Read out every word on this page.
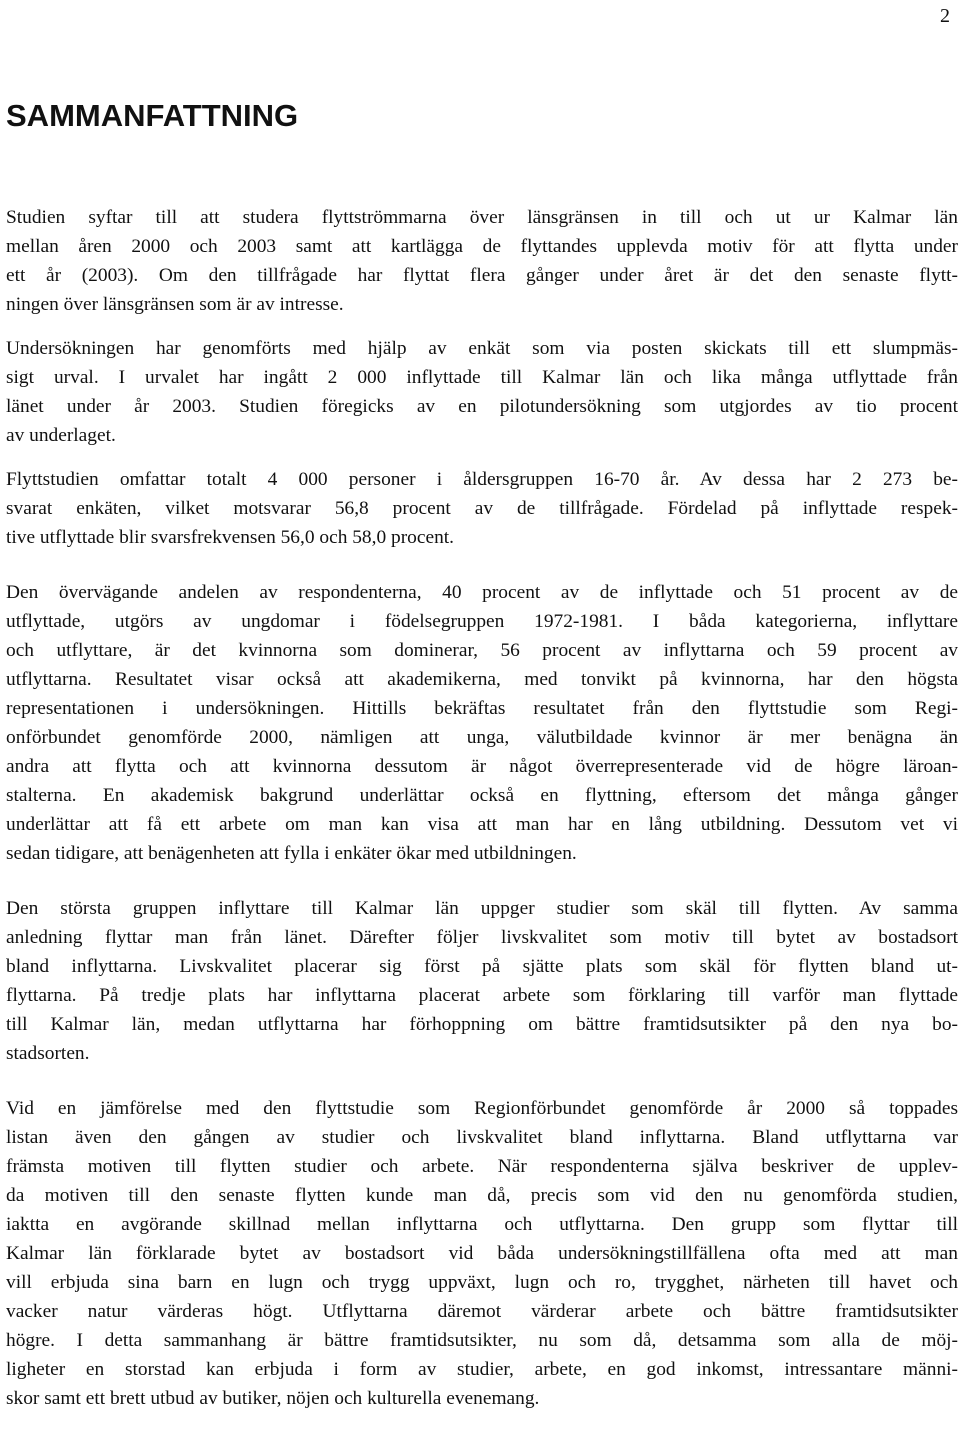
2
SAMMANFATTNING
Studien syftar till att studera flyttströmmarna över länsgränsen in till och ut ur Kalmar län
mellan åren 2000 och 2003 samt att kartlägga de flyttandes upplevda motiv för att flytta under
ett år (2003). Om den tillfrågade har flyttat flera gånger under året är det den senaste flytt-
ningen över länsgränsen som är av intresse.
Undersökningen har genomförts med hjälp av enkät som via posten skickats till ett slumpmäs-
sigt urval. I urvalet har ingått 2 000 inflyttade till Kalmar län och lika många utflyttade från
länet under år 2003. Studien föregicks av en pilotundersökning som utgjordes av tio procent
av underlaget.
Flyttstudien omfattar totalt 4 000 personer i åldersgruppen 16-70 år. Av dessa har 2 273 be-
svarat enkäten, vilket motsvarar 56,8 procent av de tillfrågade. Fördelad på inflyttade respek-
tive utflyttade blir svarsfrekvensen 56,0 och 58,0 procent.
Den övervägande andelen av respondenterna, 40 procent av de inflyttade och 51 procent av de
utflyttade, utgörs av ungdomar i födelsegruppen 1972-1981. I båda kategorierna, inflyttare
och utflyttare, är det kvinnorna som dominerar, 56 procent av inflyttarna och 59 procent av
utflyttarna. Resultatet visar också att akademikerna, med tonvikt på kvinnorna, har den högsta
representationen i undersökningen. Hittills bekräftas resultatet från den flyttstudie som Regi-
onförbundet genomförde 2000, nämligen att unga, välutbildade kvinnor är mer benägna än
andra att flytta och att kvinnorna dessutom är något överrepresenterade vid de högre läroan-
stalterna. En akademisk bakgrund underlättar också en flyttning, eftersom det många gånger
underlättar att få ett arbete om man kan visa att man har en lång utbildning. Dessutom vet vi
sedan tidigare, att benägenheten att fylla i enkäter ökar med utbildningen.
Den största gruppen inflyttare till Kalmar län uppger studier som skäl till flytten. Av samma
anledning flyttar man från länet. Därefter följer livskvalitet som motiv till bytet av bostadsort
bland inflyttarna. Livskvalitet placerar sig först på sjätte plats som skäl för flytten bland ut-
flyttarna. På tredje plats har inflyttarna placerat arbete som förklaring till varför man flyttade
till Kalmar län, medan utflyttarna har förhoppning om bättre framtidsutsikter på den nya bo-
stadsorten.
Vid en jämförelse med den flyttstudie som Regionförbundet genomförde år 2000 så toppades
listan även den gången av studier och livskvalitet bland inflyttarna. Bland utflyttarna var
främsta motiven till flytten studier och arbete. När respondenterna själva beskriver de upplev-
da motiven till den senaste flytten kunde man då, precis som vid den nu genomförda studien,
iaktta en avgörande skillnad mellan inflyttarna och utflyttarna. Den grupp som flyttar till
Kalmar län förklarade bytet av bostadsort vid båda undersökningstillfällena ofta med att man
vill erbjuda sina barn en lugn och trygg uppväxt, lugn och ro, trygghet, närheten till havet och
vacker natur värderas högt. Utflyttarna däremot värderar arbete och bättre framtidsutsikter
högre. I detta sammanhang är bättre framtidsutsikter, nu som då, detsamma som alla de möj-
ligheter en storstad kan erbjuda i form av studier, arbete, en god inkomst, intressantare männi-
skor samt ett brett utbud av butiker, nöjen och kulturella evenemang.
